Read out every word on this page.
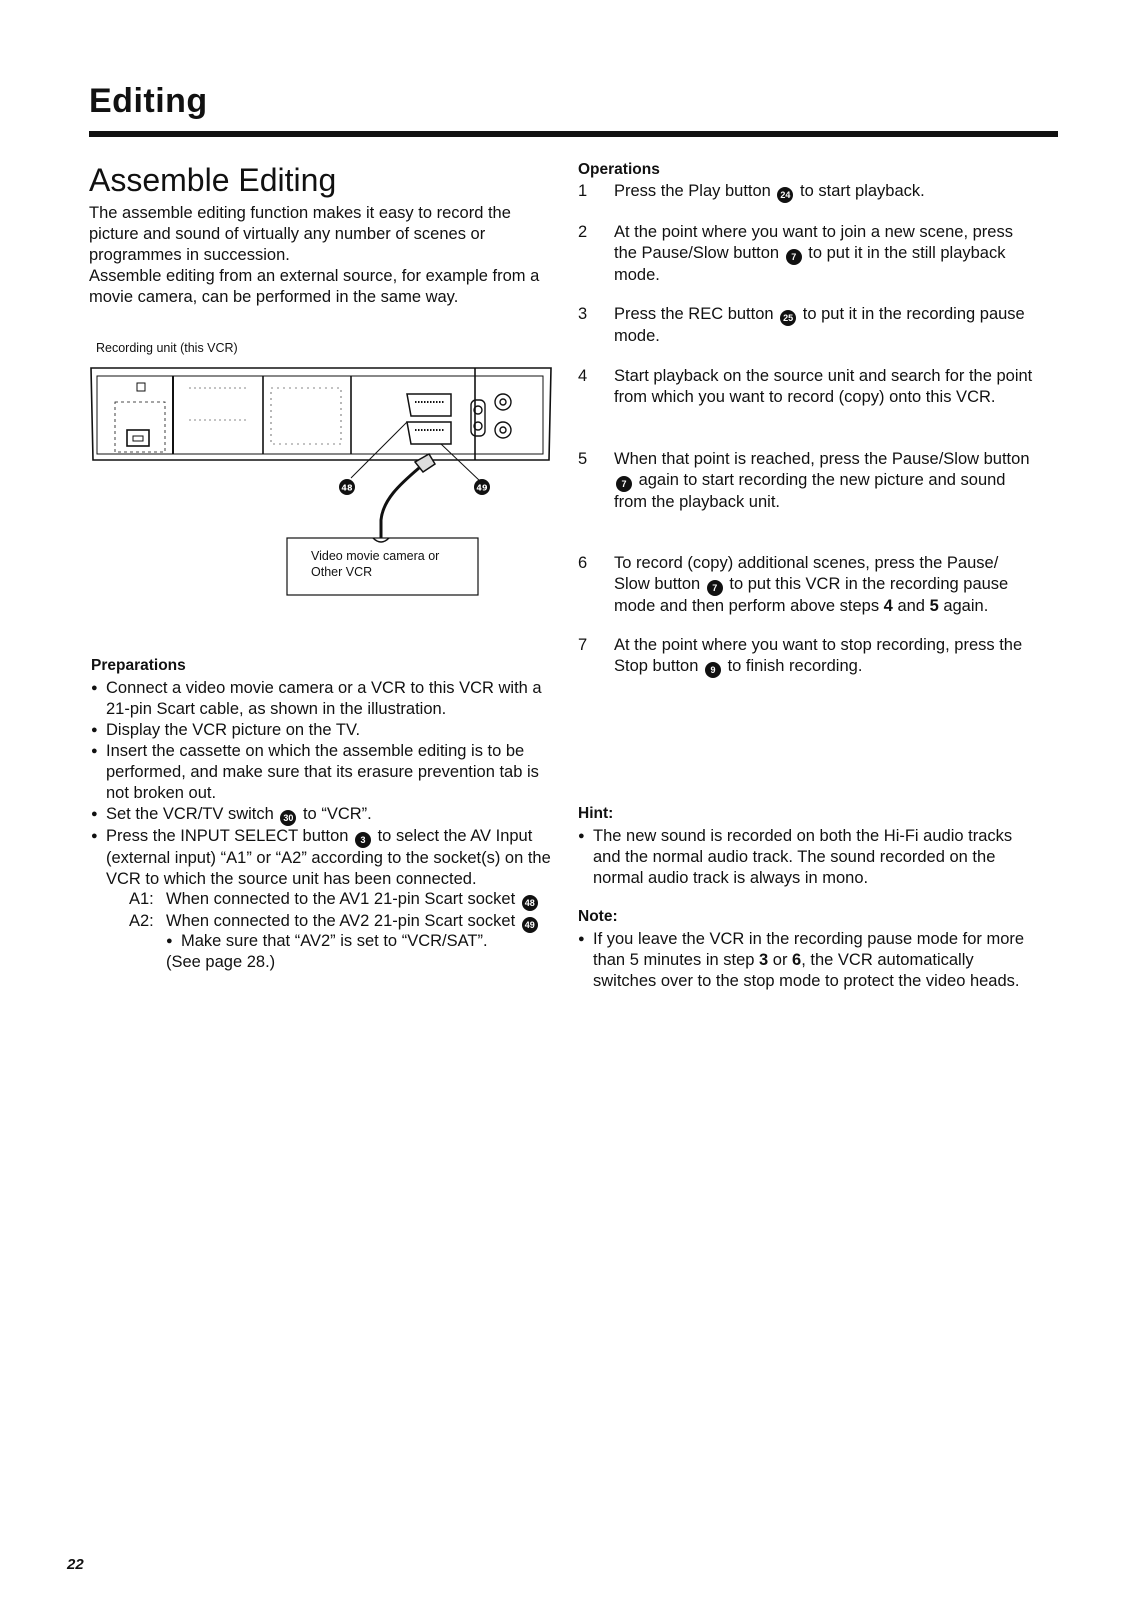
Editing
Assemble Editing

The assemble editing function makes it easy to record the picture and sound of virtually any number of scenes or programmes in succession.

Assemble editing from an external source, for example from a movie camera, can be performed in the same way.

Recording unit (this VCR)
48	49
Video movie camera or
Other VCR
Preparations

● Connect a video movie camera or a VCR to this VCR with a 21-pin Scart cable, as shown in the illustration.

● Display the VCR picture on the TV.

● Insert the cassette on which the assemble editing is to be performed, and make sure that its erasure prevention tab is not broken out.

● Set the VCR/TV switch 30 to “VCR”.

● Press the INPUT SELECT button 3 to select the AV Input (external input) “A1” or “A2” according to the socket(s) on the VCR to which the source unit has been connected.

A1: When connected to the AV1 21-pin Scart socket 48

A2: When connected to the AV2 21-pin Scart socket 49

● Make sure that “AV2” is set to “VCR/SAT”.

(See page 28.)

Operations
1 Press the Play button 24 to start playback.
2 At the point where you want to join a new scene, press the Pause/Slow button 7 to put it in the still playback mode.
3 Press the REC button 25 to put it in the recording pause mode.
4 Start playback on the source unit and search for the point from which you want to record (copy) onto this VCR.
5 When that point is reached, press the Pause/Slow button 7 again to start recording the new picture and sound from the playback unit.
6 To record (copy) additional scenes, press the Pause/ Slow button 7 to put this VCR in the recording pause mode and then perform above steps 4 and 5 again.
7 At the point where you want to stop recording, press the Stop button 9 to finish recording.
Hint:

● The new sound is recorded on both the Hi-Fi audio tracks and the normal audio track. The sound recorded on the normal audio track is always in mono.

Note:

● If you leave the VCR in the recording pause mode for more than 5 minutes in step 3 or 6, the VCR automatically switches over to the stop mode to protect the video heads.

22
